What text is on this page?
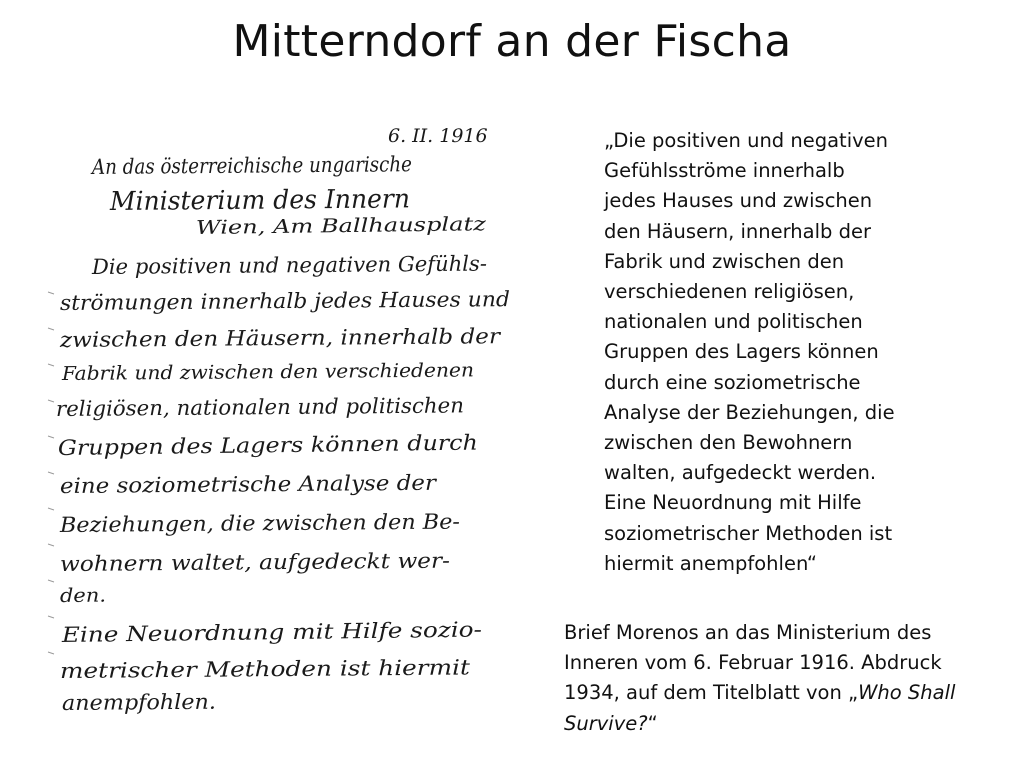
Mitterndorf an der Fischa
6. II. 1916
An das österreichische ungarische
Ministerium des Innern
Wien, Am Ballhausplatz
Die positiven und negativen Gefühls-
strömungen innerhalb jedes Hauses und
zwischen den Häusern, innerhalb der
Fabrik und zwischen den verschiedenen
religiösen, nationalen und politischen
Gruppen des Lagers können durch
eine soziometrische Analyse der
Beziehungen, die zwischen den Be-
wohnern waltet, aufgedeckt wer-
den.
Eine Neuordnung mit Hilfe sozio-
metrischer Methoden ist hiermit
anempfohlen.
„Die positiven und negativen
Gefühlsströme innerhalb
jedes Hauses und zwischen
den Häusern, innerhalb der
Fabrik und zwischen den
verschiedenen religiösen,
nationalen und politischen
Gruppen des Lagers können
durch eine soziometrische
Analyse der Beziehungen, die
zwischen den Bewohnern
walten, aufgedeckt werden.
Eine Neuordnung mit Hilfe
soziometrischer Methoden ist
hiermit anempfohlen“
Brief Morenos an das Ministerium des
Inneren vom 6. Februar 1916. Abdruck
1934, auf dem Titelblatt von „Who Shall
Survive?“
